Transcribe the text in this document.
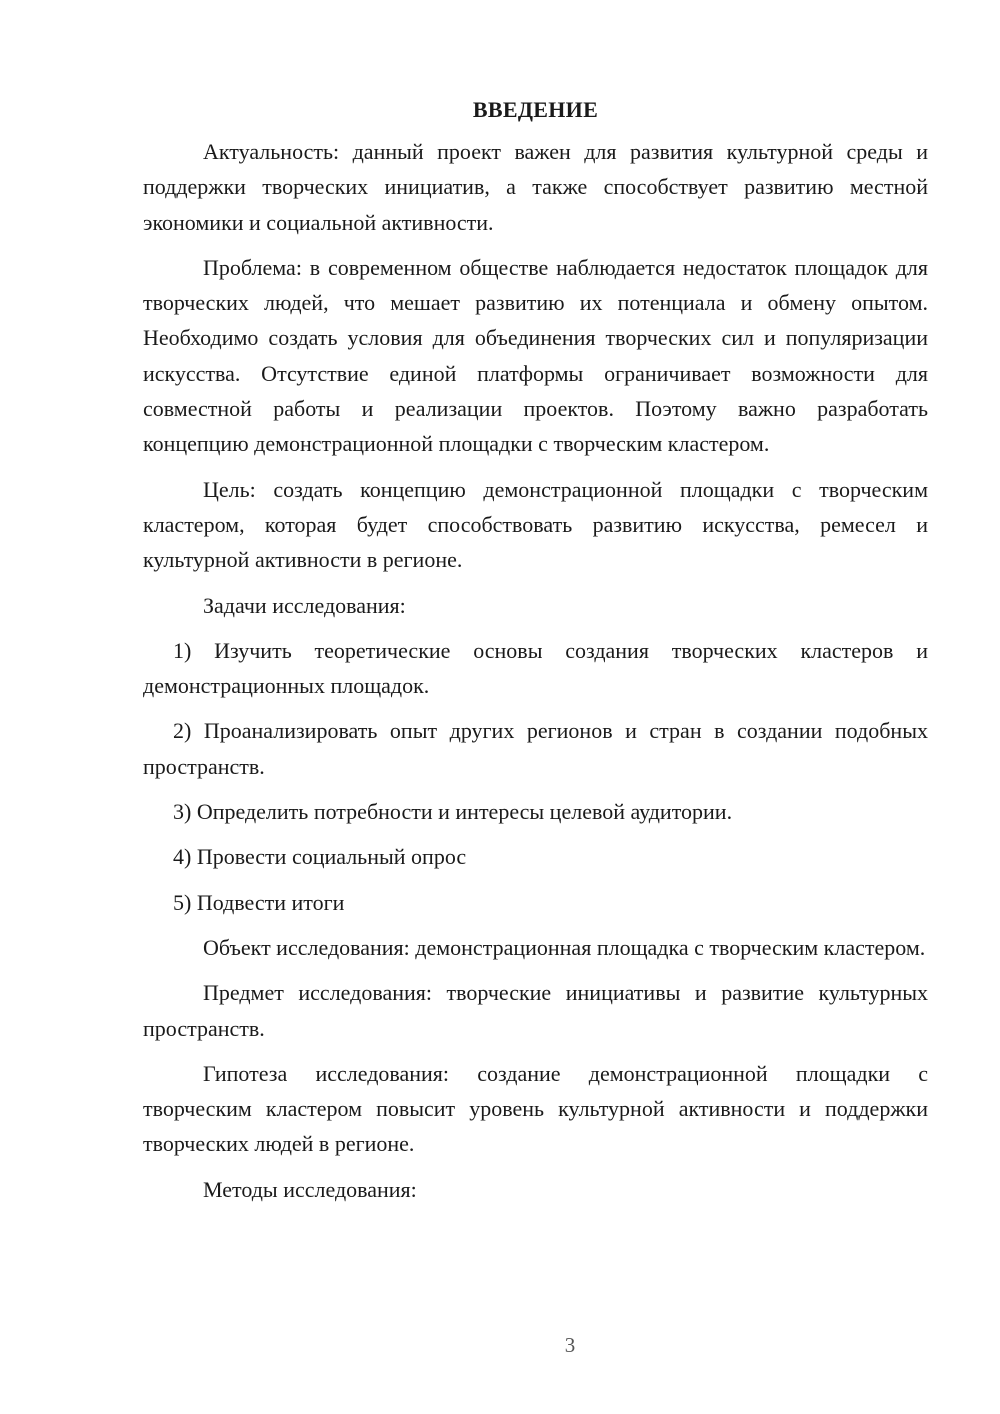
ВВЕДЕНИЕ

Актуальность: данный проект важен для развития культурной среды и поддержки творческих инициатив, а также способствует развитию местной экономики и социальной активности.

Проблема: в современном обществе наблюдается недостаток площадок для творческих людей, что мешает развитию их потенциала и обмену опытом. Необходимо создать условия для объединения творческих сил и популяризации искусства. Отсутствие единой платформы ограничивает возможности для совместной работы и реализации проектов. Поэтому важно разработать концепцию демонстрационной площадки с творческим кластером.

Цель: создать концепцию демонстрационной площадки с творческим кластером, которая будет способствовать развитию искусства, ремесел и культурной активности в регионе.

Задачи исследования:

1) Изучить теоретические основы создания творческих кластеров и демонстрационных площадок.

2) Проанализировать опыт других регионов и стран в создании подобных пространств.

3) Определить потребности и интересы целевой аудитории.

4) Провести социальный опрос

5) Подвести итоги

Объект исследования: демонстрационная площадка с творческим кластером.

Предмет исследования: творческие инициативы и развитие культурных пространств.

Гипотеза исследования: создание демонстрационной площадки с творческим кластером повысит уровень культурной активности и поддержки творческих людей в регионе.

Методы исследования:

3
